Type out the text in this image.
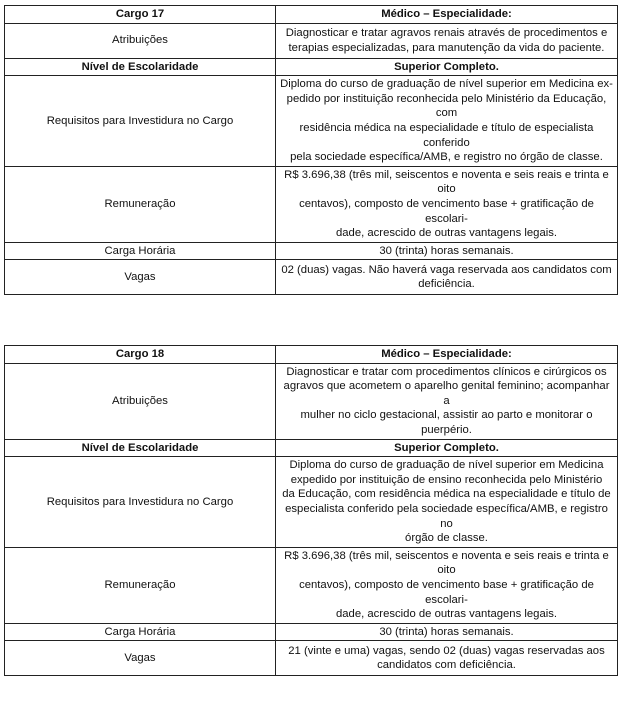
Cargo 17	Médico – Especialidade:
Atribuições	Diagnosticar e tratar agravos renais através de procedimentos e
terapias especializadas, para manutenção da vida do paciente.

Nível de Escolaridade	Superior Completo.
Requisitos para Investidura no Cargo	Diploma do curso de graduação de nível superior em Medicina ex-
pedido por instituição reconhecida pelo Ministério da Educação, com
residência médica na especialidade e título de especialista conferido
pela sociedade específica/AMB, e registro no órgão de classe.

Remuneração	R$ 3.696,38 (três mil, seiscentos e noventa e seis reais e trinta e oito
centavos), composto de vencimento base + gratificação de escolari-
dade, acrescido de outras vantagens legais.

Carga Horária	30 (trinta) horas semanais.
Vagas	02 (duas) vagas. Não haverá vaga reservada aos candidatos com
deficiência.
Cargo 18	Médico – Especialidade:
Atribuições	Diagnosticar e tratar com procedimentos clínicos e cirúrgicos os
agravos que acometem o aparelho genital feminino; acompanhar a
mulher no ciclo gestacional, assistir ao parto e monitorar o puerpério.

Nível de Escolaridade	Superior Completo.
Requisitos para Investidura no Cargo	Diploma do curso de graduação de nível superior em Medicina
expedido por instituição de ensino reconhecida pelo Ministério
da Educação, com residência médica na especialidade e título de
especialista conferido pela sociedade específica/AMB, e registro no
órgão de classe.

Remuneração	R$ 3.696,38 (três mil, seiscentos e noventa e seis reais e trinta e oito
centavos), composto de vencimento base + gratificação de escolari-
dade, acrescido de outras vantagens legais.

Carga Horária	30 (trinta) horas semanais.
Vagas	21 (vinte e uma) vagas, sendo 02 (duas) vagas reservadas aos
candidatos com deficiência.
